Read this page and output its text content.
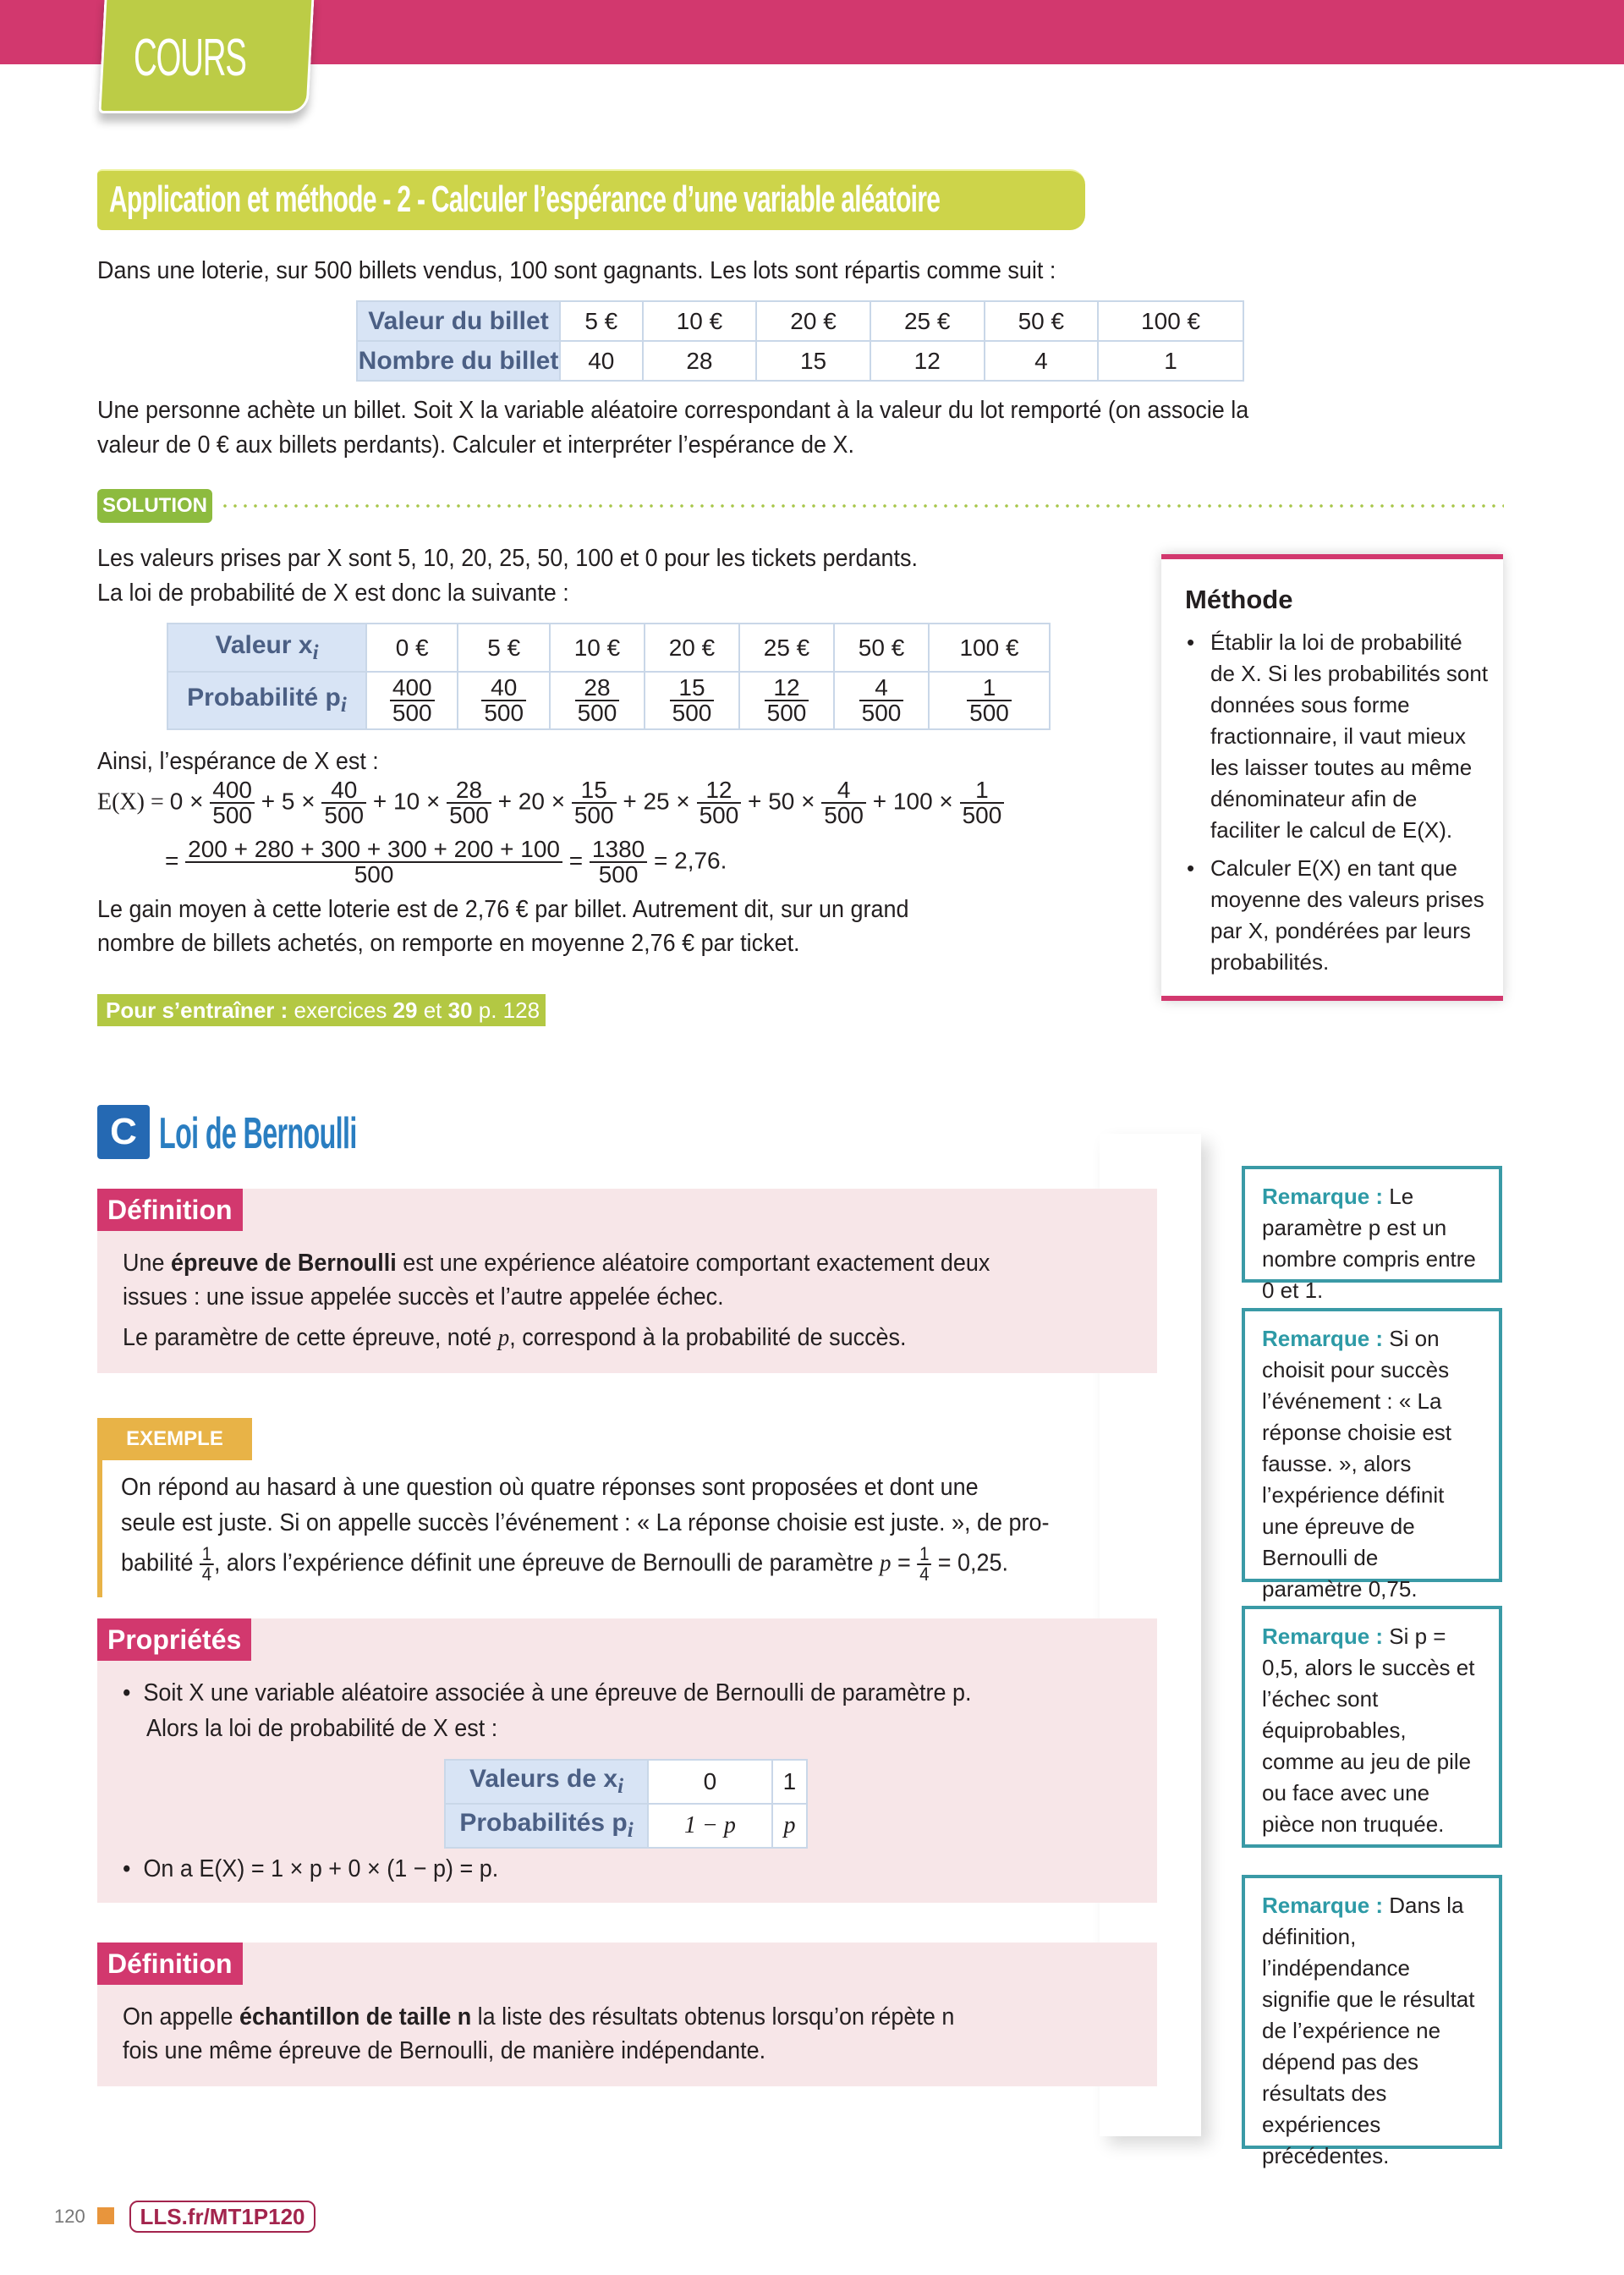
COURS
Application et méthode - 2 - Calculer l’espérance d’une variable aléatoire
Dans une loterie, sur 500 billets vendus, 100 sont gagnants. Les lots sont répartis comme suit :
Valeur du billet	5 €	10 €	20 €	25 €	50 €	100 €
Nombre du billet	40	28	15	12	4	1
Une personne achète un billet. Soit X la variable aléatoire correspondant à la valeur du lot remporté (on associe la
valeur de 0 € aux billets perdants). Calculer et interpréter l’espérance de X.
SOLUTION
Les valeurs prises par X sont 5, 10, 20, 25, 50, 100 et 0 pour les tickets perdants.
La loi de probabilité de X est donc la suivante :
Valeur $x_i$	0 €	5 €	10 €	20 €	25 €	50 €	100 €
Probabilité $p_i$	$\frac{400}{500}$	$\frac{40}{500}$	$\frac{28}{500}$	$\frac{15}{500}$	$\frac{12}{500}$	$\frac{4}{500}$	$\frac{1}{500}$
Ainsi, l’espérance de X est :
$E(X) = 0 \times \frac{400}{500} + 5 \times \frac{40}{500} + 10 \times \frac{28}{500} + 20 \times \frac{15}{500} + 25 \times \frac{12}{500} + 50 \times \frac{4}{500} + 100 \times \frac{1}{500}$
= $\frac{200 + 280 + 300 + 300 + 200 + 100}{500} = \frac{1380}{500} = 2,76$.
Le gain moyen à cette loterie est de 2,76 € par billet. Autrement dit, sur un grand
nombre de billets achetés, on remporte en moyenne 2,76 € par ticket.
Méthode
• Établir la loi de probabilité de X. Si les probabilités sont données sous forme fractionnaire, il vaut mieux les laisser toutes au même dénominateur afin de faciliter le calcul de E(X).
• Calculer E(X) en tant que moyenne des valeurs prises par X, pondérées par leurs probabilités.
Pour s’entraîner : exercices 29 et 30 p. 128
C Loi de Bernoulli
Définition
Une épreuve de Bernoulli est une expérience aléatoire comportant exactement deux
issues : une issue appelée succès et l’autre appelée échec.
Le paramètre de cette épreuve, noté p, correspond à la probabilité de succès.
EXEMPLE
On répond au hasard à une question où quatre réponses sont proposées et dont une
seule est juste. Si on appelle succès l’événement : « La réponse choisie est juste. », de pro-
babilité $\frac{1}{4}$ , alors l’expérience définit une épreuve de Bernoulli de paramètre $p = \frac{1}{4} = 0,25$.
Propriétés
•  Soit X une variable aléatoire associée à une épreuve de Bernoulli de paramètre p.
Alors la loi de probabilité de X est :
Valeurs de $x_i$	0	1
Probabilités $p_i$	1 − p	p
•  On a E(X) = 1 × p + 0 × (1 − p) = p.
Définition
On appelle échantillon de taille n la liste des résultats obtenus lorsqu’on répète n
fois une même épreuve de Bernoulli, de manière indépendante.
Remarque : Le paramètre p est un nombre compris entre 0 et 1.
Remarque : Si on choisit pour succès l’événement : « La réponse choisie est fausse. », alors l’expérience définit une épreuve de Bernoulli de paramètre 0,75.
Remarque : Si p = 0,5, alors le succès et l’échec sont équiprobables, comme au jeu de pile ou face avec une pièce non truquée.
Remarque : Dans la définition, l’indépendance signifie que le résultat de l’expérience ne dépend pas des résultats des expériences précédentes.
120	LLS.fr/MT1P120
